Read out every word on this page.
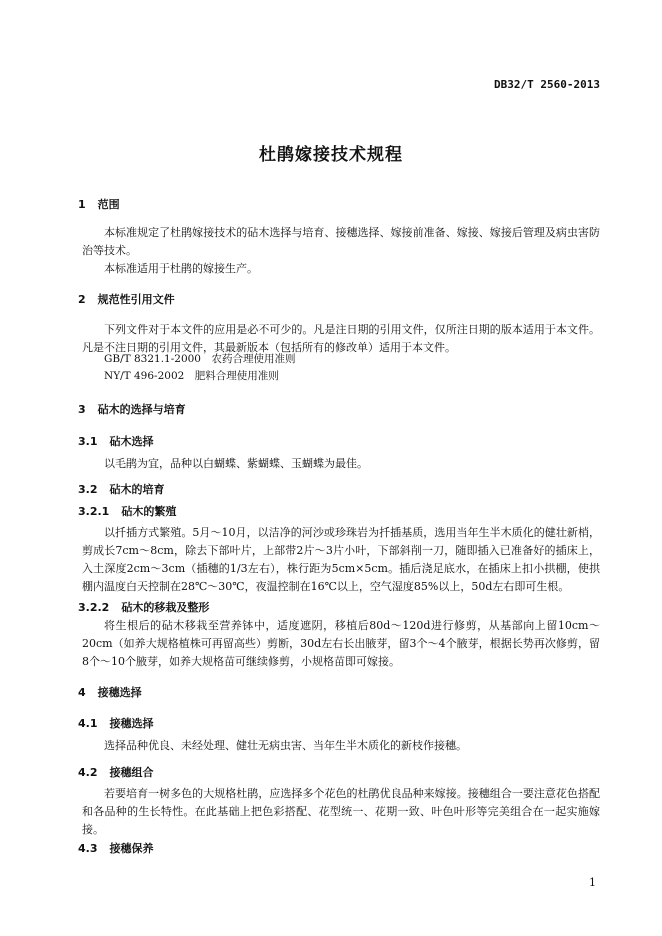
DB32/T 2560-2013
杜鹃嫁接技术规程
1 范围

本标准规定了杜鹃嫁接技术的砧木选择与培育、接穗选择、嫁接前准备、嫁接、嫁接后管理及病虫害防治等技术。

本标准适用于杜鹃的嫁接生产。

2 规范性引用文件

下列文件对于本文件的应用是必不可少的。凡是注日期的引用文件，仅所注日期的版本适用于本文件。凡是不注日期的引用文件，其最新版本（包括所有的修改单）适用于本文件。

GB/T 8321.1-2000　农药合理使用准则
NY/T 496-2002　肥料合理使用准则
3 砧木的选择与培育
3.1 砧木选择

以毛鹃为宜，品种以白蝴蝶、紫蝴蝶、玉蝴蝶为最佳。

3.2 砧木的培育
3.2.1 砧木的繁殖

以扦插方式繁殖。5月～10月，以洁净的河沙或珍珠岩为扦插基质，选用当年生半木质化的健壮新梢，剪成长7cm～8cm，除去下部叶片，上部带2片～3片小叶，下部斜削一刀，随即插入已准备好的插床上，入土深度2cm～3cm（插穗的1/3左右），株行距为5cm×5cm。插后浇足底水，在插床上扣小拱棚，使拱棚内温度白天控制在28℃～30℃，夜温控制在16℃以上，空气湿度85%以上，50d左右即可生根。

3.2.2 砧木的移栽及整形

将生根后的砧木移栽至营养钵中，适度遮阴，移植后80d～120d进行修剪，从基部向上留10cm～20cm（如养大规格植株可再留高些）剪断，30d左右长出腋芽，留3个～4个腋芽，根据长势再次修剪，留8个～10个腋芽，如养大规格苗可继续修剪，小规格苗即可嫁接。

4 接穗选择
4.1 接穗选择

选择品种优良、未经处理、健壮无病虫害、当年生半木质化的新枝作接穗。

4.2 接穗组合

若要培育一树多色的大规格杜鹃，应选择多个花色的杜鹃优良品种来嫁接。接穗组合一要注意花色搭配和各品种的生长特性。在此基础上把色彩搭配、花型统一、花期一致、叶色叶形等完美组合在一起实施嫁接。

4.3 接穗保养
1
